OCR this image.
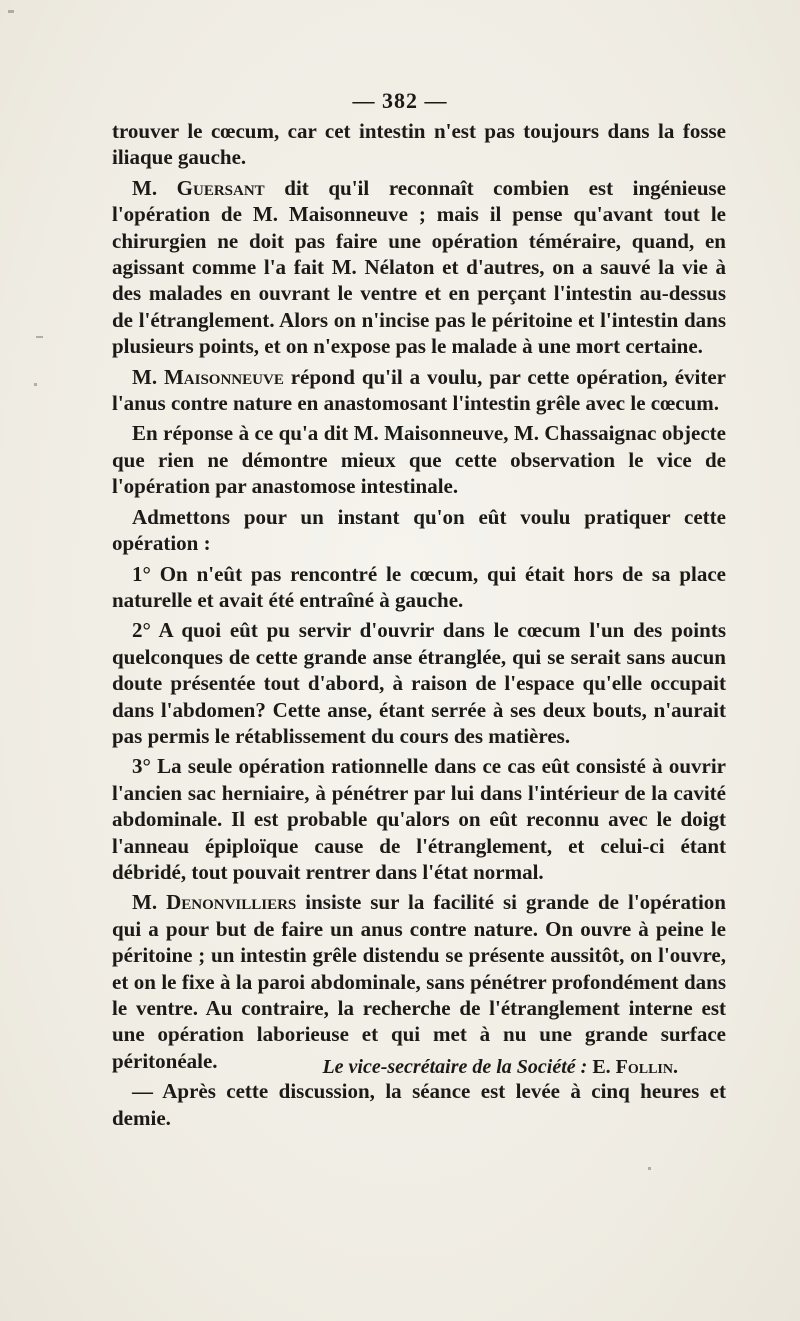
— 382 —

trouver le cœcum, car cet intestin n'est pas toujours dans la fosse iliaque gauche.

M. Guersant dit qu'il reconnaît combien est ingénieuse l'opération de M. Maisonneuve ; mais il pense qu'avant tout le chirurgien ne doit pas faire une opération téméraire, quand, en agissant comme l'a fait M. Nélaton et d'autres, on a sauvé la vie à des malades en ouvrant le ventre et en perçant l'intestin au-dessus de l'étranglement. Alors on n'incise pas le péritoine et l'intestin dans plusieurs points, et on n'expose pas le malade à une mort certaine.

M. Maisonneuve répond qu'il a voulu, par cette opération, éviter l'anus contre nature en anastomosant l'intestin grêle avec le cœcum.

En réponse à ce qu'a dit M. Maisonneuve, M. Chassaignac objecte que rien ne démontre mieux que cette observation le vice de l'opération par anastomose intestinale.

Admettons pour un instant qu'on eût voulu pratiquer cette opération :

1° On n'eût pas rencontré le cœcum, qui était hors de sa place naturelle et avait été entraîné à gauche.

2° A quoi eût pu servir d'ouvrir dans le cœcum l'un des points quelconques de cette grande anse étranglée, qui se serait sans aucun doute présentée tout d'abord, à raison de l'espace qu'elle occupait dans l'abdomen? Cette anse, étant serrée à ses deux bouts, n'aurait pas permis le rétablissement du cours des matières.

3° La seule opération rationnelle dans ce cas eût consisté à ouvrir l'ancien sac herniaire, à pénétrer par lui dans l'intérieur de la cavité abdominale. Il est probable qu'alors on eût reconnu avec le doigt l'anneau épiploïque cause de l'étranglement, et celui-ci étant débridé, tout pouvait rentrer dans l'état normal.

M. Denonvilliers insiste sur la facilité si grande de l'opération qui a pour but de faire un anus contre nature. On ouvre à peine le péritoine ; un intestin grêle distendu se présente aussitôt, on l'ouvre, et on le fixe à la paroi abdominale, sans pénétrer profondément dans le ventre. Au contraire, la recherche de l'étranglement interne est une opération laborieuse et qui met à nu une grande surface péritonéale.

— Après cette discussion, la séance est levée à cinq heures et demie.

Le vice-secrétaire de la Société : E. Follin.
